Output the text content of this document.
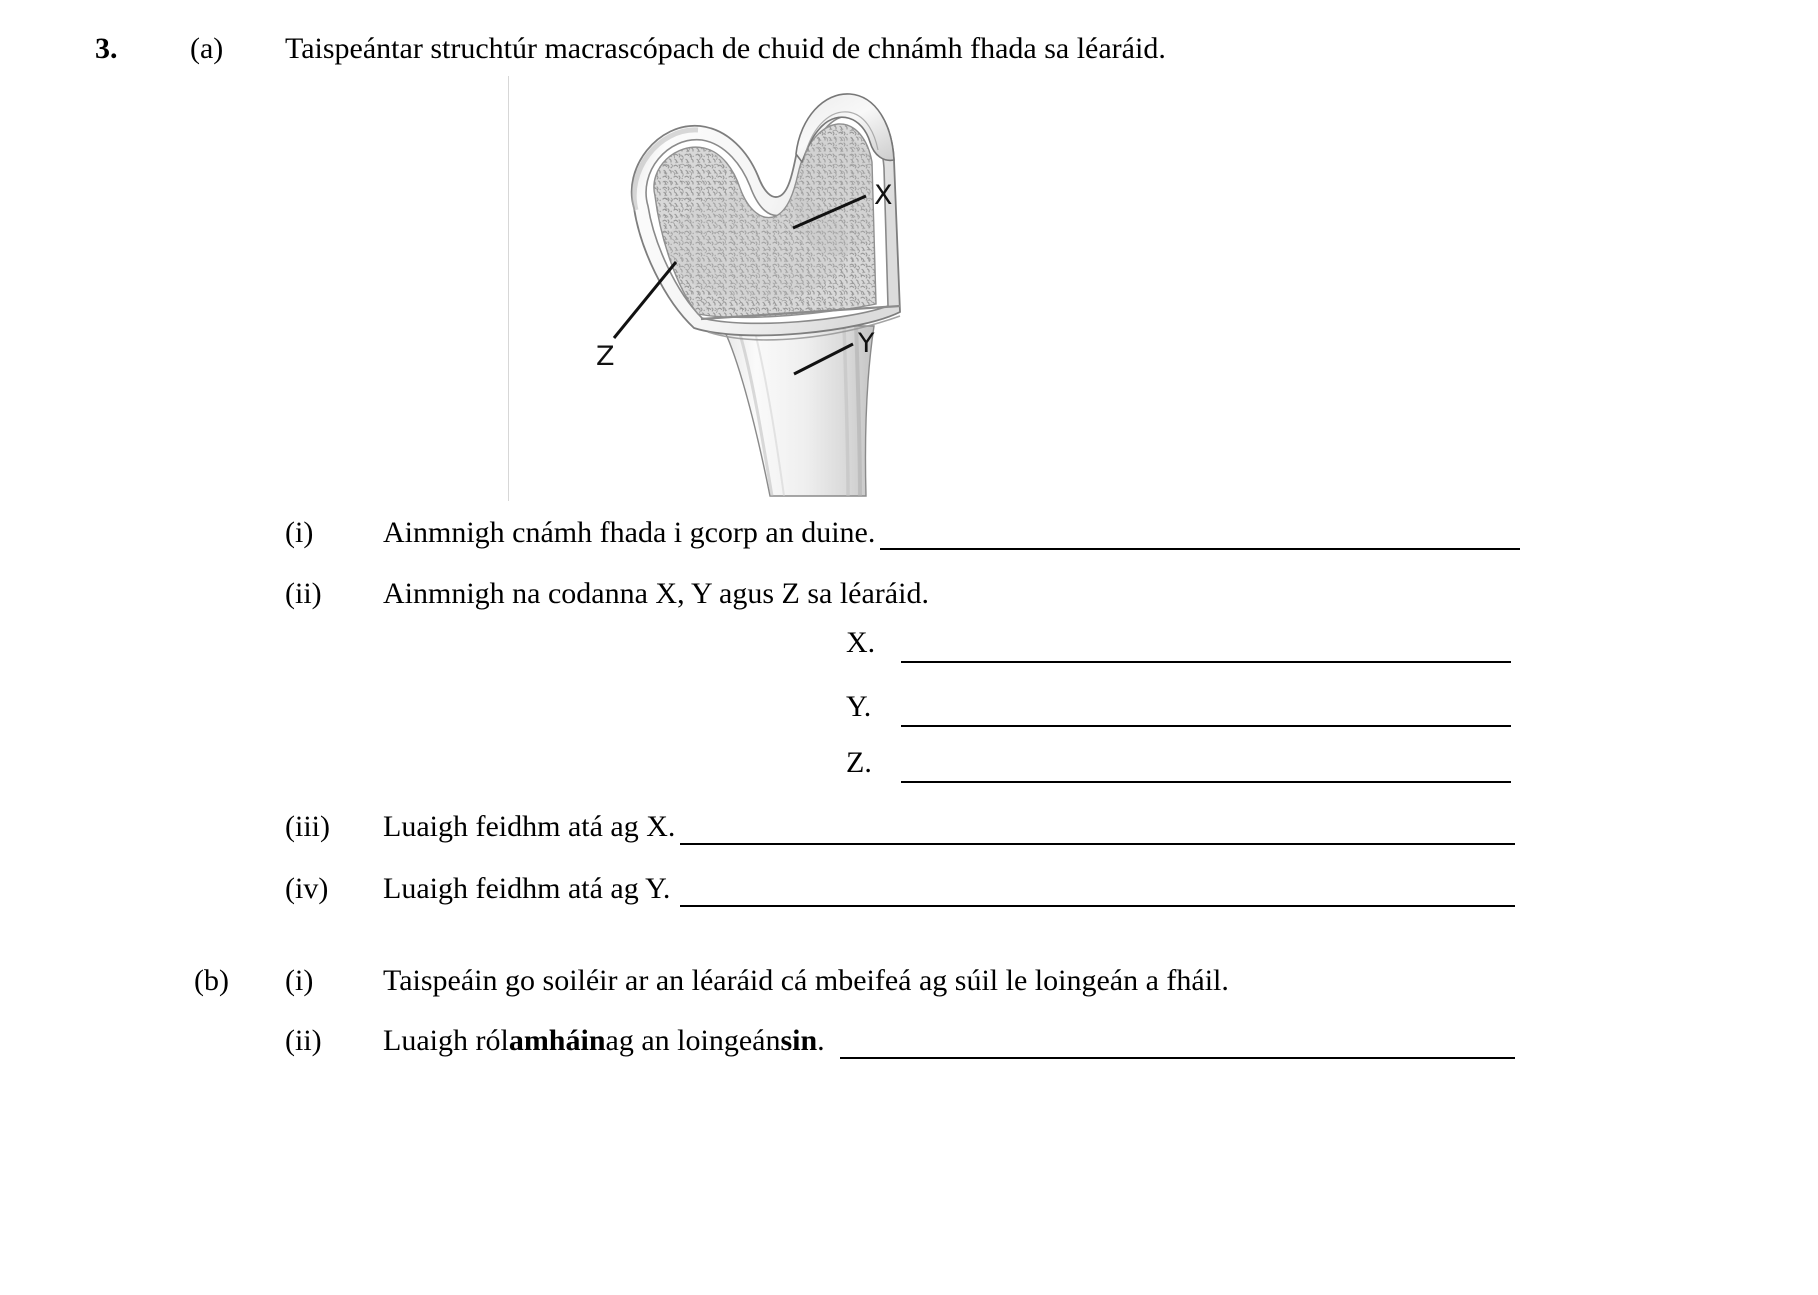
3. (a) Taispeántar struchtúr macrascópach de chuid de chnámh fhada sa léaráid.
X
Y
Z
(i) Ainmnigh cnámh fhada i gcorp an duine.
(ii) Ainmnigh na codanna X, Y agus Z sa léaráid.
X.
Y.
Z.
(iii) Luaigh feidhm atá ag X.
(iv) Luaigh feidhm atá ag Y.
(b) (i) Taispeáin go soiléir ar an léaráid cá mbeifeá ag súil le loingeán a fháil.
(ii) Luaigh ról amháin ag an loingeán sin .
